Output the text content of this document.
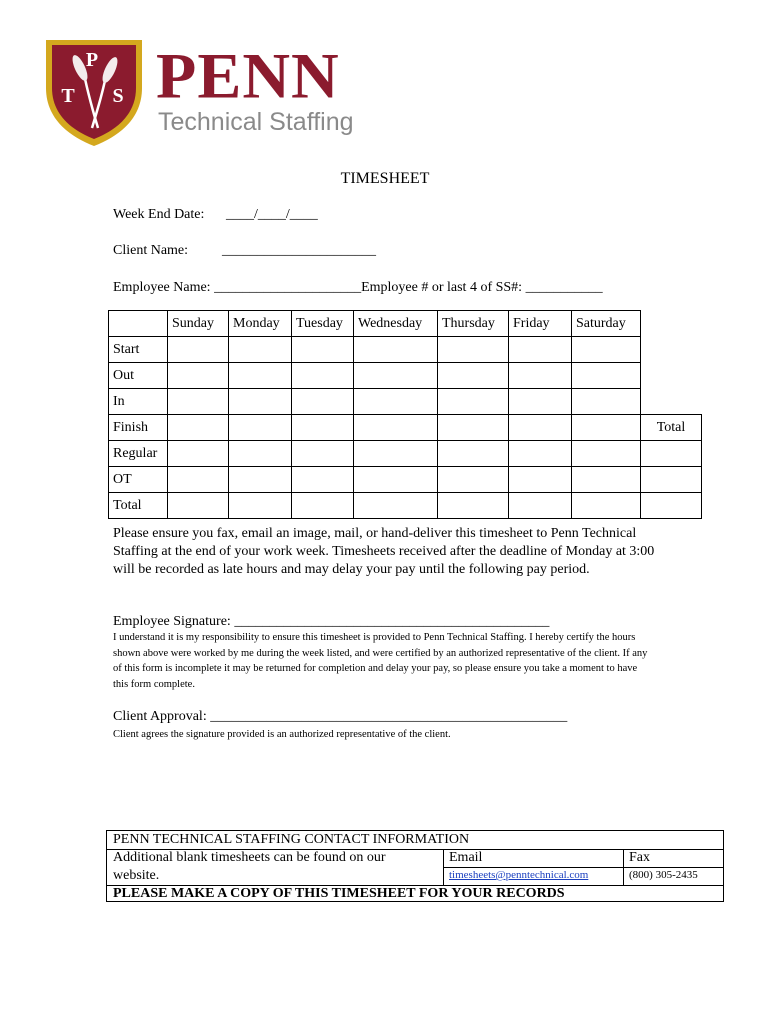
P
T S PENN
Technical Staffing
TIMESHEET
Week End Date: ____/____/____
Client Name: ______________________
Employee Name: _____________________Employee # or last 4 of SS#: ___________
	Sunday	Monday	Tuesday	Wednesday	Thursday	Friday	Saturday	
Start								
Out								
In								
Finish								Total
Regular								
OT								
Total								
Please ensure you fax, email an image, mail, or hand-deliver this timesheet to Penn Technical Staffing at the end of your work week. Timesheets received after the deadline of Monday at 3:00 will be recorded as late hours and may delay your pay until the following pay period.
Employee Signature: _____________________________________________
I understand it is my responsibility to ensure this timesheet is provided to Penn Technical Staffing. I hereby certify the hours shown above were worked by me during the week listed, and were certified by an authorized representative of the client. If any of this form is incomplete it may be returned for completion and delay your pay, so please ensure you take a moment to have this form complete.
Client Approval: ___________________________________________________
Client agrees the signature provided is an authorized representative of the client.
PENN TECHNICAL STAFFING CONTACT INFORMATION
Additional blank timesheets can be found on our
website.
Email
timesheets@penntechnical.com
Fax
(800) 305-2435
PLEASE MAKE A COPY OF THIS TIMESHEET FOR YOUR RECORDS
